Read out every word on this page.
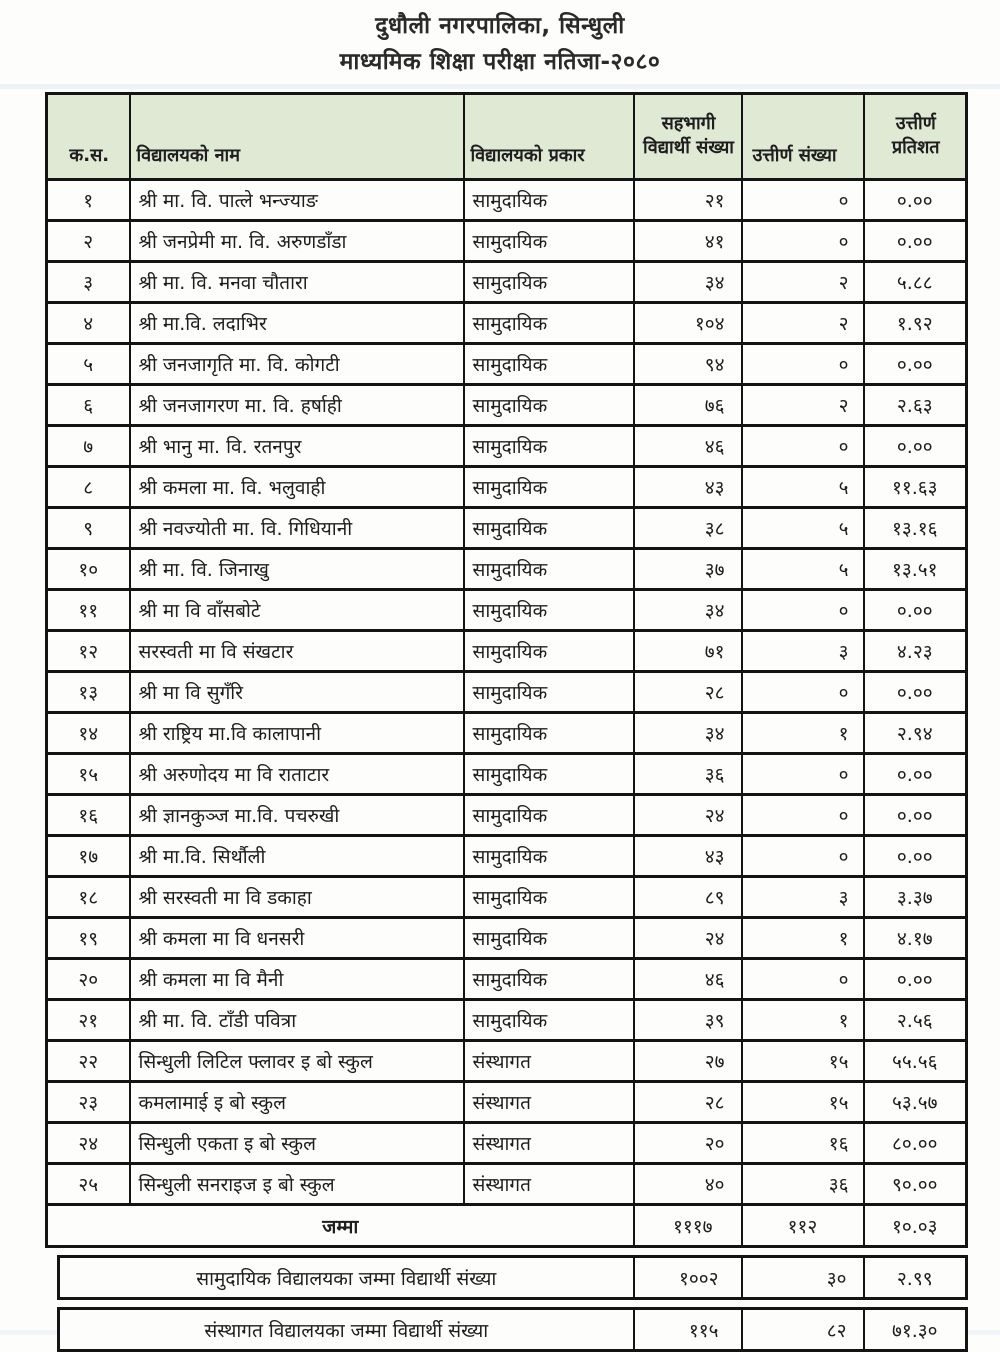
दुधौली नगरपालिका, सिन्धुली
माध्यमिक शिक्षा परीक्षा नतिजा-२०८०
क.स.	विद्यालयको नाम	विद्यालयको प्रकार	सहभागी
विद्यार्थी संख्या	उत्तीर्ण संख्या	उत्तीर्ण
प्रतिशत
१	श्री मा. वि. पात्ले भन्ज्याङ	सामुदायिक	२१	०	०.००
२	श्री जनप्रेमी मा. वि. अरुणडाँडा	सामुदायिक	४१	०	०.००
३	श्री मा. वि. मनवा चौतारा	सामुदायिक	३४	२	५.८८
४	श्री मा.वि. लदाभिर	सामुदायिक	१०४	२	१.९२
५	श्री जनजागृति मा. वि. कोगटी	सामुदायिक	९४	०	०.००
६	श्री जनजागरण मा. वि. हर्षाही	सामुदायिक	७६	२	२.६३
७	श्री भानु मा. वि. रतनपुर	सामुदायिक	४६	०	०.००
८	श्री कमला मा. वि. भलुवाही	सामुदायिक	४३	५	११.६३
९	श्री नवज्योती मा. वि. गिधियानी	सामुदायिक	३८	५	१३.१६
१०	श्री मा. वि. जिनाखु	सामुदायिक	३७	५	१३.५१
११	श्री मा वि वाँसबोटे	सामुदायिक	३४	०	०.००
१२	सरस्वती मा वि संखटार	सामुदायिक	७१	३	४.२३
१३	श्री मा वि सुगँरि	सामुदायिक	२८	०	०.००
१४	श्री राष्ट्रिय मा.वि कालापानी	सामुदायिक	३४	१	२.९४
१५	श्री अरुणोदय मा वि राताटार	सामुदायिक	३६	०	०.००
१६	श्री ज्ञानकुञ्ज मा.वि. पचरुखी	सामुदायिक	२४	०	०.००
१७	श्री मा.वि. सिर्थौली	सामुदायिक	४३	०	०.००
१८	श्री सरस्वती मा वि डकाहा	सामुदायिक	८९	३	३.३७
१९	श्री कमला मा वि धनसरी	सामुदायिक	२४	१	४.१७
२०	श्री कमला मा वि मैनी	सामुदायिक	४६	०	०.००
२१	श्री मा. वि. टाँडी पवित्रा	सामुदायिक	३९	१	२.५६
२२	सिन्धुली लिटिल फ्लावर इ बो स्कुल	संस्थागत	२७	१५	५५.५६
२३	कमलामाई इ बो स्कुल	संस्थागत	२८	१५	५३.५७
२४	सिन्धुली एकता इ बो स्कुल	संस्थागत	२०	१६	८०.००
२५	सिन्धुली सनराइज इ बो स्कुल	संस्थागत	४०	३६	९०.००
जम्मा			१११७	११२	१०.०३
सामुदायिक विद्यालयका जम्मा विद्यार्थी संख्या	१००२	३०	२.९९
संस्थागत विद्यालयका जम्मा विद्यार्थी संख्या	११५	८२	७१.३०
